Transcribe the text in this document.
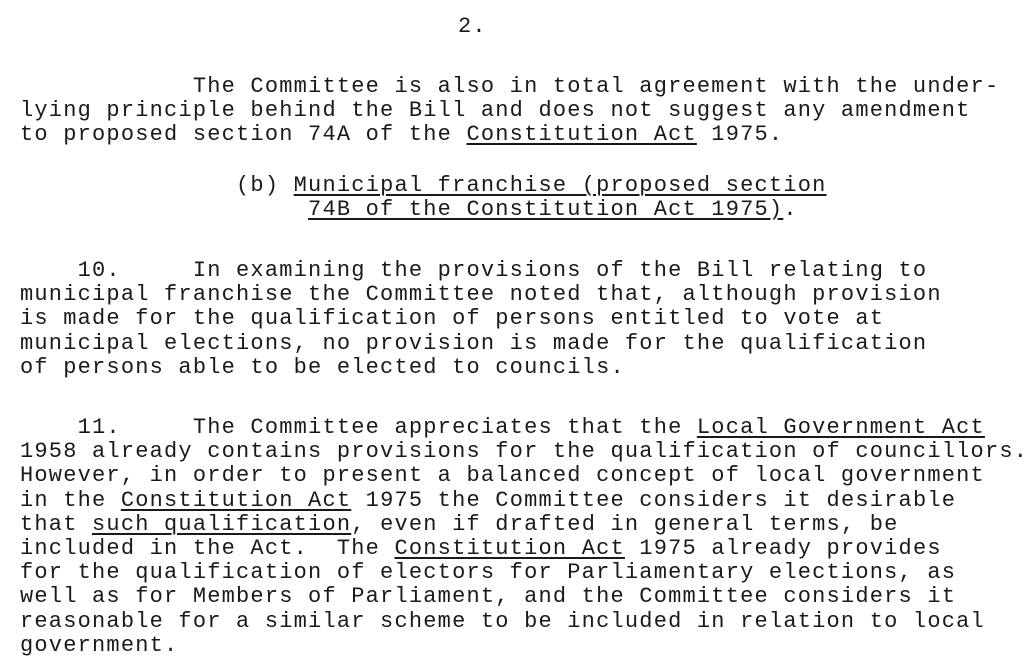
2.
The Committee is also in total agreement with the under-
lying principle behind the Bill and does not suggest any amendment
to proposed section 74A of the Constitution Act 1975.
(b) Municipal franchise (proposed section
74B of the Constitution Act 1975).
10.     In examining the provisions of the Bill relating to
municipal franchise the Committee noted that, although provision
is made for the qualification of persons entitled to vote at
municipal elections, no provision is made for the qualification
of persons able to be elected to councils.
11.     The Committee appreciates that the Local Government Act
1958 already contains provisions for the qualification of councillors.
However, in order to present a balanced concept of local government
in the Constitution Act 1975 the Committee considers it desirable
that such qualification, even if drafted in general terms, be
included in the Act.  The Constitution Act 1975 already provides
for the qualification of electors for Parliamentary elections, as
well as for Members of Parliament, and the Committee considers it
reasonable for a similar scheme to be included in relation to local
government.
